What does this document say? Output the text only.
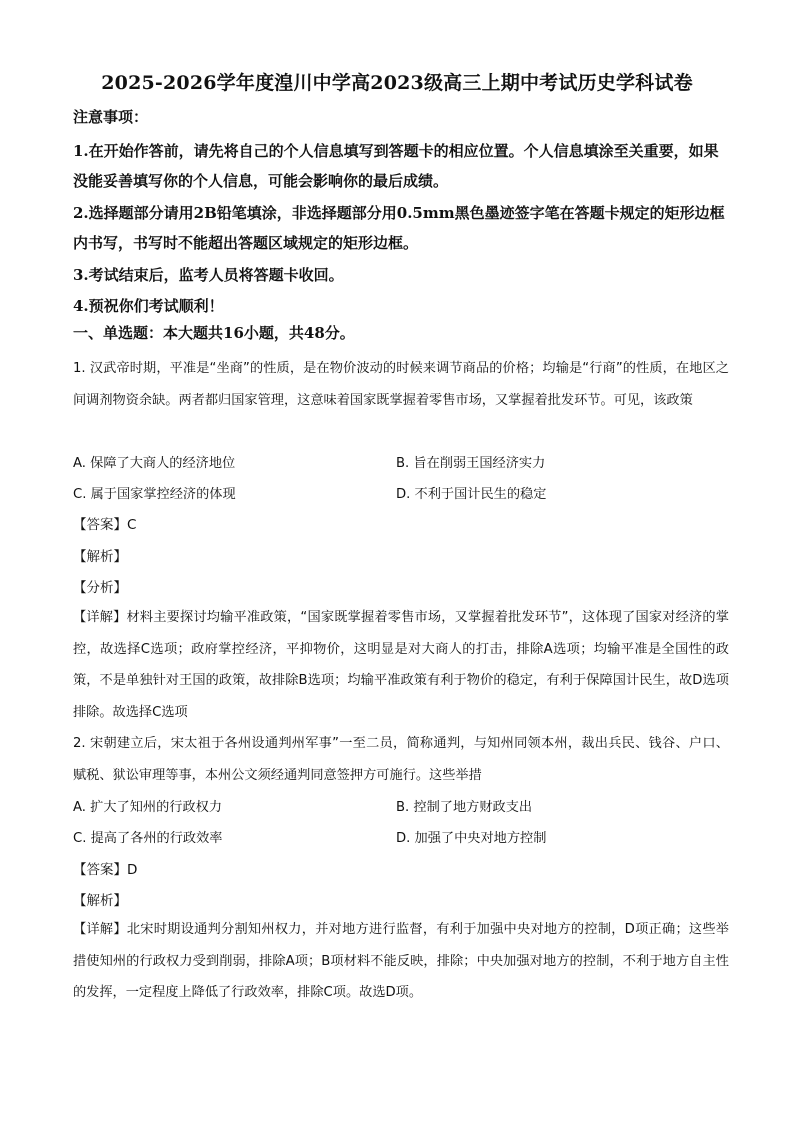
2025-2026学年度湟川中学高2023级高三上期中考试历史学科试卷
注意事项：
1.在开始作答前，请先将自己的个人信息填写到答题卡的相应位置。个人信息填涂至关重要，如果没能妥善填写你的个人信息，可能会影响你的最后成绩。
2.选择题部分请用2B铅笔填涂，非选择题部分用0.5mm黑色墨迹签字笔在答题卡规定的矩形边框内书写，书写时不能超出答题区域规定的矩形边框。
3.考试结束后，监考人员将答题卡收回。
4.预祝你们考试顺利！
一、单选题：本大题共16小题，共48分。
1. 汉武帝时期，平准是“坐商”的性质，是在物价波动的时候来调节商品的价格；均输是“行商”的性质，在地区之间调剂物资余缺。两者都归国家管理，这意味着国家既掌握着零售市场，又掌握着批发环节。可见，该政策
A. 保障了大商人的经济地位	B. 旨在削弱王国经济实力
C. 属于国家掌控经济的体现	D. 不利于国计民生的稳定
【答案】C
【解析】
【分析】
【详解】材料主要探讨均输平准政策，“国家既掌握着零售市场，又掌握着批发环节”，这体现了国家对经济的掌控，故选择C选项；政府掌控经济，平抑物价，这明显是对大商人的打击，排除A选项；均输平准是全国性的政策，不是单独针对王国的政策，故排除B选项；均输平准政策有利于物价的稳定，有利于保障国计民生，故D选项排除。故选择C选项
2. 宋朝建立后，宋太祖于各州设通判州军事”一至二员，简称通判，与知州同领本州，裁出兵民、钱谷、户口、赋税、狱讼审理等事，本州公文须经通判同意签押方可施行。这些举措
A. 扩大了知州的行政权力	B. 控制了地方财政支出
C. 提高了各州的行政效率	D. 加强了中央对地方控制
【答案】D
【解析】
【详解】北宋时期设通判分割知州权力，并对地方进行监督，有利于加强中央对地方的控制，D项正确；这些举措使知州的行政权力受到削弱，排除A项；B项材料不能反映，排除；中央加强对地方的控制，不利于地方自主性的发挥，一定程度上降低了行政效率，排除C项。故选D项。
